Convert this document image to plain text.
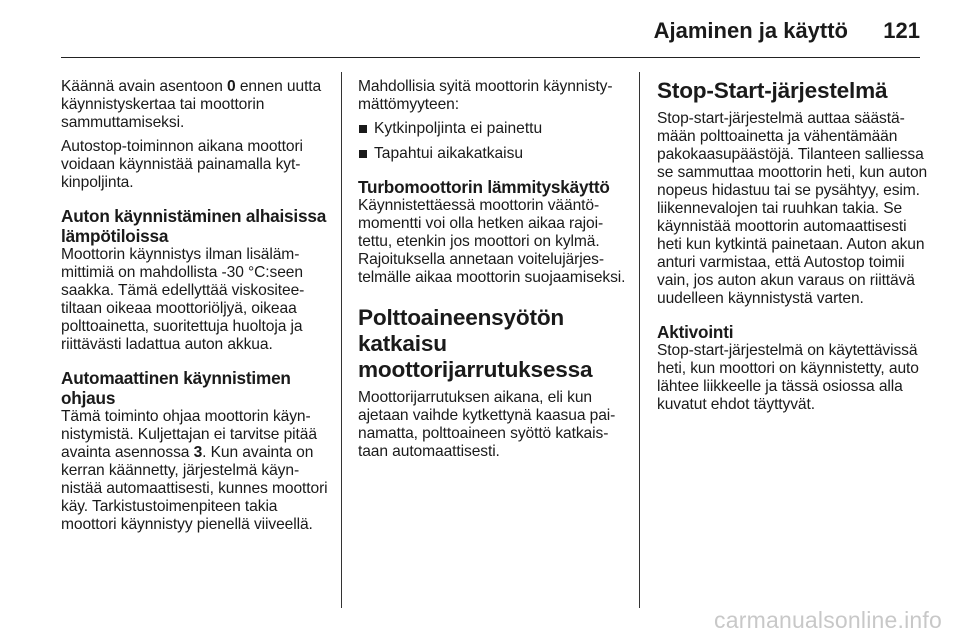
Ajaminen ja käyttö 121

Käännä avain asentoon 0 ennen uutta käynnistyskertaa tai moottorin sammuttamiseksi.

Autostop-toiminnon aikana moottori voidaan käynnistää painamalla kytkinpoljinta.

Auton käynnistäminen alhaisissa lämpötiloissa

Moottorin käynnistys ilman lisälämmittimiä on mahdollista -30 °C:seen saakka. Tämä edellyttää viskositeetiltaan oikeaa moottoriöljyä, oikeaa polttoainetta, suoritettuja huoltoja ja riittävästi ladattua auton akkua.

Automaattinen käynnistimen ohjaus

Tämä toiminto ohjaa moottorin käynnistymistä. Kuljettajan ei tarvitse pitää avainta asennossa 3. Kun avainta on kerran käännetty, järjestelmä käynnistää automaattisesti, kunnes moottori käy. Tarkistustoimenpiteen takia moottori käynnistyy pienellä viiveellä.

Mahdollisia syitä moottorin käynnistymättömyyteen:

Kytkinpoljinta ei painettu
Tapahtui aikakatkaisu
Turbomoottorin lämmityskäyttö

Käynnistettäessä moottorin vääntömomentti voi olla hetken aikaa rajoitettu, etenkin jos moottori on kylmä. Rajoituksella annetaan voitelujärjestelmälle aikaa moottorin suojaamiseksi.

Polttoaineensyötön katkaisu moottorijarrutuksessa

Moottorijarrutuksen aikana, eli kun ajetaan vaihde kytkettynä kaasua painamatta, polttoaineen syöttö katkaistaan automaattisesti.

Stop-Start-järjestelmä

Stop-start-järjestelmä auttaa säästämään polttoainetta ja vähentämään pakokaasupäästöjä. Tilanteen salliessa se sammuttaa moottorin heti, kun auton nopeus hidastuu tai se pysähtyy, esim. liikennevalojen tai ruuhkan takia. Se käynnistää moottorin automaattisesti heti kun kytkintä painetaan. Auton akun anturi varmistaa, että Autostop toimii vain, jos auton akun varaus on riittävä uudelleen käynnistystä varten.

Aktivointi

Stop-start-järjestelmä on käytettävissä heti, kun moottori on käynnistetty, auto lähtee liikkeelle ja tässä osiossa alla kuvatut ehdot täyttyvät.

carmanualsonline.info
